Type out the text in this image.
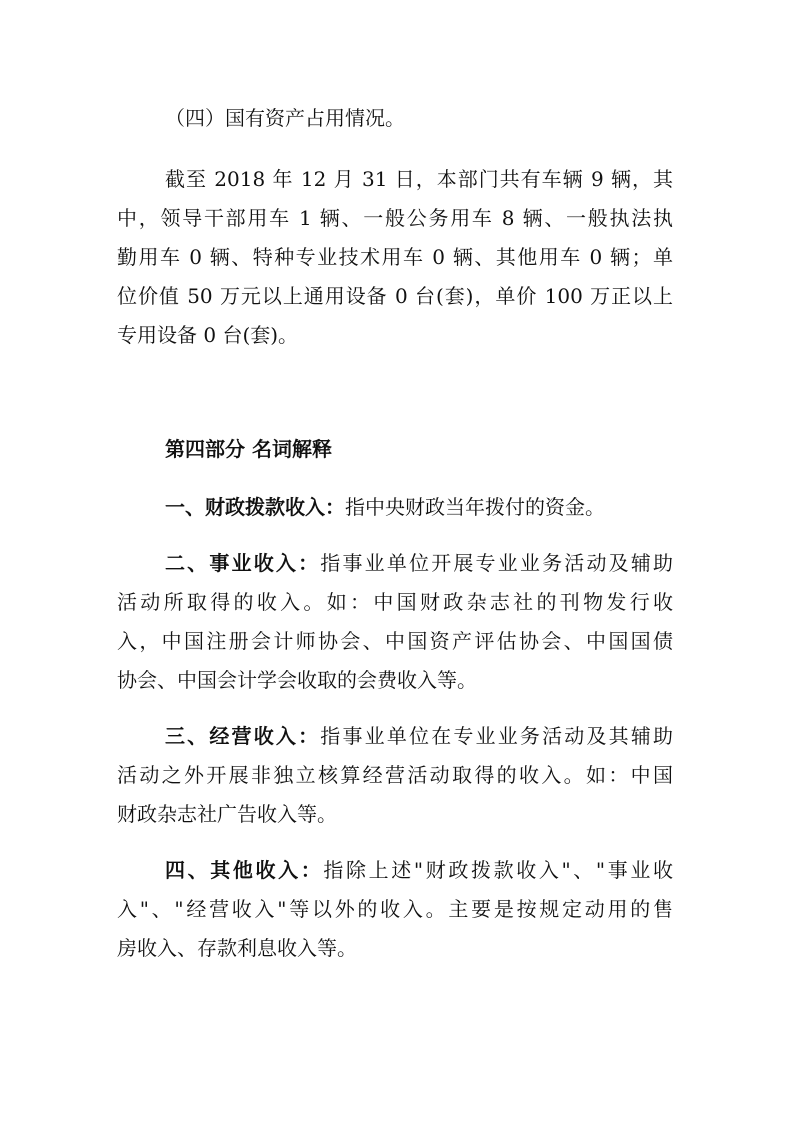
（四）国有资产占用情况。
截至 2018 年 12 月 31 日，本部门共有车辆 9 辆，其
中，领导干部用车 1 辆、一般公务用车 8 辆、一般执法执
勤用车 0 辆、特种专业技术用车 0 辆、其他用车 0 辆；单
位价值 50 万元以上通用设备 0 台(套)，单价 100 万正以上
专用设备 0 台(套)。
第四部分 名词解释
一、财政拨款收入：指中央财政当年拨付的资金。
二、事业收入：指事业单位开展专业业务活动及辅助
活动所取得的收入。如：中国财政杂志社的刊物发行收
入，中国注册会计师协会、中国资产评估协会、中国国债
协会、中国会计学会收取的会费收入等。
三、经营收入：指事业单位在专业业务活动及其辅助
活动之外开展非独立核算经营活动取得的收入。如：中国
财政杂志社广告收入等。
四、其他收入：指除上述"财政拨款收入"、"事业收
入"、"经营收入"等以外的收入。主要是按规定动用的售
房收入、存款利息收入等。
